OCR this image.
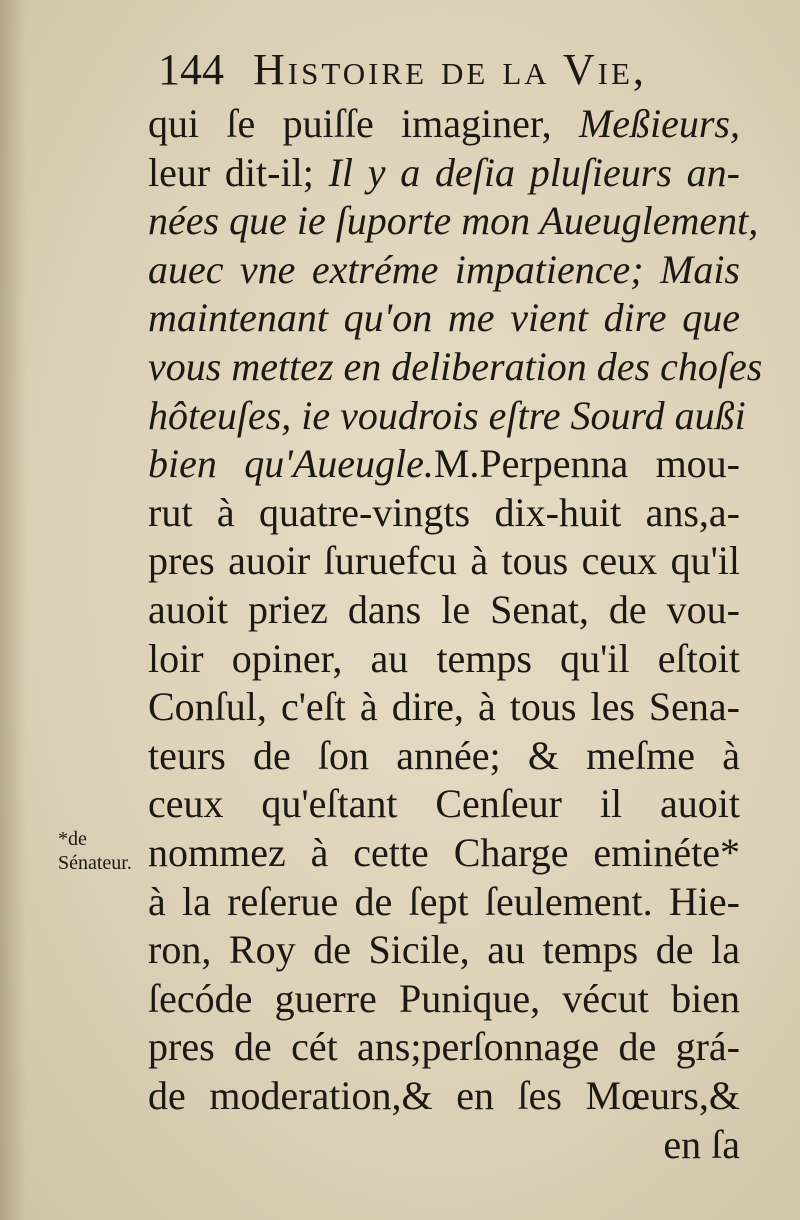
144 Histoire de la Vie,
*de Sénateur.
qui ſe puiſſe imaginer, Meßieurs,
leur dit-il; Il y a deſia pluſieurs an-
nées que ie ſuporte mon Aueuglement,
auec vne extréme impatience; Mais
maintenant qu'on me vient dire que
vous mettez en deliberation des choſes
hôteuſes, ie voudrois eſtre Sourd außi
bien qu'Aueugle.M.Perpenna mou-
rut à quatre-vingts dix-huit ans,a-
pres auoir ſuruefcu à tous ceux qu'il
auoit priez dans le Senat, de vou-
loir opiner, au temps qu'il eſtoit
Conſul, c'eſt à dire, à tous les Sena-
teurs de ſon année; & meſme à
ceux qu'eſtant Cenſeur il auoit
nommez à cette Charge eminéte*
à la reſerue de ſept ſeulement. Hie-
ron, Roy de Sicile, au temps de la
ſecóde guerre Punique, vécut bien
pres de cét ans;perſonnage de grá-
de moderation,& en ſes Mœurs,&
en ſa
